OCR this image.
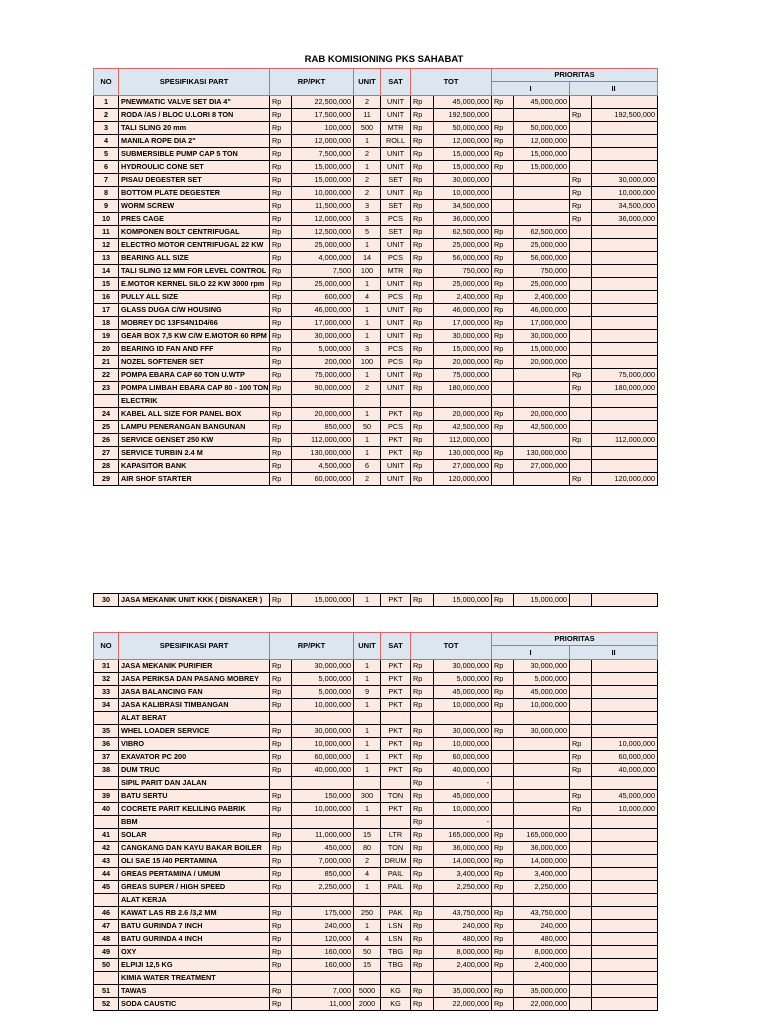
RAB KOMISIONING PKS SAHABAT
NO	SPESIFIKASI PART	RP/PKT		UNIT	SAT	TOT		PRIORITAS			
								I		II	
1	PNEWMATIC VALVE SET DIA 4"	Rp	22,500,000	2	UNIT	Rp	45,000,000	Rp	45,000,000		
2	RODA /AS / BLOC U.LORI 8 TON	Rp	17,500,000	11	UNIT	Rp	192,500,000			Rp	192,500,000
3	TALI SLING 20 mm	Rp	100,000	500	MTR	Rp	50,000,000	Rp	50,000,000		
4	MANILA ROPE DIA 2"	Rp	12,000,000	1	ROLL	Rp	12,000,000	Rp	12,000,000		
5	SUBMERSIBLE PUMP CAP 5 TON	Rp	7,500,000	2	UNIT	Rp	15,000,000	Rp	15,000,000		
6	HYDROULIC CONE SET	Rp	15,000,000	1	UNIT	Rp	15,000,000	Rp	15,000,000		
7	PISAU DEGESTER SET	Rp	15,000,000	2	SET	Rp	30,000,000			Rp	30,000,000
8	BOTTOM PLATE DEGESTER	Rp	10,000,000	2	UNIT	Rp	10,000,000			Rp	10,000,000
9	WORM SCREW	Rp	11,500,000	3	SET	Rp	34,500,000			Rp	34,500,000
10	PRES CAGE	Rp	12,000,000	3	PCS	Rp	36,000,000			Rp	36,000,000
11	KOMPONEN BOLT CENTRIFUGAL	Rp	12,500,000	5	SET	Rp	62,500,000	Rp	62,500,000		
12	ELECTRO MOTOR CENTRIFUGAL 22 KW	Rp	25,000,000	1	UNIT	Rp	25,000,000	Rp	25,000,000		
13	BEARING ALL SIZE	Rp	4,000,000	14	PCS	Rp	56,000,000	Rp	56,000,000		
14	TALI SLING 12 MM FOR LEVEL CONTROL	Rp	7,500	100	MTR	Rp	750,000	Rp	750,000		
15	E.MOTOR KERNEL SILO 22 KW 3000 rpm	Rp	25,000,000	1	UNIT	Rp	25,000,000	Rp	25,000,000		
16	PULLY ALL SIZE	Rp	600,000	4	PCS	Rp	2,400,000	Rp	2,400,000		
17	GLASS DUGA C/W HOUSING	Rp	46,000,000	1	UNIT	Rp	46,000,000	Rp	46,000,000		
18	MOBREY DC 13FS4N1D4/66	Rp	17,000,000	1	UNIT	Rp	17,000,000	Rp	17,000,000		
19	GEAR BOX 7,5 KW C/W E.MOTOR 60 RPM	Rp	30,000,000	1	UNIT	Rp	30,000,000	Rp	30,000,000		
20	BEARING ID FAN AND FFF	Rp	5,000,000	3	PCS	Rp	15,000,000	Rp	15,000,000		
21	NOZEL SOFTENER SET	Rp	200,000	100	PCS	Rp	20,000,000	Rp	20,000,000		
22	POMPA EBARA CAP 60 TON U.WTP	Rp	75,000,000	1	UNIT	Rp	75,000,000			Rp	75,000,000
23	POMPA LIMBAH EBARA CAP 80 - 100 TON	Rp	90,000,000	2	UNIT	Rp	180,000,000			Rp	180,000,000
	ELECTRIK										
24	KABEL ALL SIZE FOR PANEL BOX	Rp	20,000,000	1	PKT	Rp	20,000,000	Rp	20,000,000		
25	LAMPU PENERANGAN BANGUNAN	Rp	850,000	50	PCS	Rp	42,500,000	Rp	42,500,000		
26	SERVICE GENSET 250 KW	Rp	112,000,000	1	PKT	Rp	112,000,000			Rp	112,000,000
27	SERVICE TURBIN 2.4 M	Rp	130,000,000	1	PKT	Rp	130,000,000	Rp	130,000,000		
28	KAPASITOR BANK	Rp	4,500,000	6	UNIT	Rp	27,000,000	Rp	27,000,000		
29	AIR SHOF STARTER	Rp	60,000,000	2	UNIT	Rp	120,000,000			Rp	120,000,000
30	JASA MEKANIK UNIT KKK ( DISNAKER )	Rp	15,000,000	1	PKT	Rp	15,000,000	Rp	15,000,000		
NO	SPESIFIKASI PART	RP/PKT		UNIT	SAT	TOT		PRIORITAS			
								I		II	
31	JASA MEKANIK PURIFIER	Rp	30,000,000	1	PKT	Rp	30,000,000	Rp	30,000,000		
32	JASA PERIKSA DAN PASANG MOBREY	Rp	5,000,000	1	PKT	Rp	5,000,000	Rp	5,000,000		
33	JASA BALANCING FAN	Rp	5,000,000	9	PKT	Rp	45,000,000	Rp	45,000,000		
34	JASA KALIBRASI TIMBANGAN	Rp	10,000,000	1	PKT	Rp	10,000,000	Rp	10,000,000		
	ALAT BERAT										
35	WHEL LOADER SERVICE	Rp	30,000,000	1	PKT	Rp	30,000,000	Rp	30,000,000		
36	VIBRO	Rp	10,000,000	1	PKT	Rp	10,000,000			Rp	10,000,000
37	EXAVATOR PC 200	Rp	60,000,000	1	PKT	Rp	60,000,000			Rp	60,000,000
38	DUM TRUC	Rp	40,000,000	1	PKT	Rp	40,000,000			Rp	40,000,000
	SIPIL PARIT DAN JALAN					Rp	-				
39	BATU SERTU	Rp	150,000	300	TON	Rp	45,000,000			Rp	45,000,000
40	COCRETE PARIT KELILING PABRIK	Rp	10,000,000	1	PKT	Rp	10,000,000			Rp	10,000,000
	BBM					Rp	-				
41	SOLAR	Rp	11,000,000	15	LTR	Rp	165,000,000	Rp	165,000,000		
42	CANGKANG DAN KAYU BAKAR BOILER	Rp	450,000	80	TON	Rp	36,000,000	Rp	36,000,000		
43	OLI SAE 15 /40 PERTAMINA	Rp	7,000,000	2	DRUM	Rp	14,000,000	Rp	14,000,000		
44	GREAS PERTAMINA / UMUM	Rp	850,000	4	PAIL	Rp	3,400,000	Rp	3,400,000		
45	GREAS SUPER / HIGH SPEED	Rp	2,250,000	1	PAIL	Rp	2,250,000	Rp	2,250,000		
	ALAT KERJA										
46	KAWAT LAS RB 2.6 /3,2 MM	Rp	175,000	250	PAK	Rp	43,750,000	Rp	43,750,000		
47	BATU GURINDA 7 INCH	Rp	240,000	1	LSN	Rp	240,000	Rp	240,000		
48	BATU GURINDA 4 INCH	Rp	120,000	4	LSN	Rp	480,000	Rp	480,000		
49	OXY	Rp	160,000	50	TBG	Rp	8,000,000	Rp	8,000,000		
50	ELPIJI 12,5 KG	Rp	160,000	15	TBG	Rp	2,400,000	Rp	2,400,000		
	KIMIA WATER TREATMENT										
51	TAWAS	Rp	7,000	5000	KG	Rp	35,000,000	Rp	35,000,000		
52	SODA CAUSTIC	Rp	11,000	2000	KG	Rp	22,000,000	Rp	22,000,000		
